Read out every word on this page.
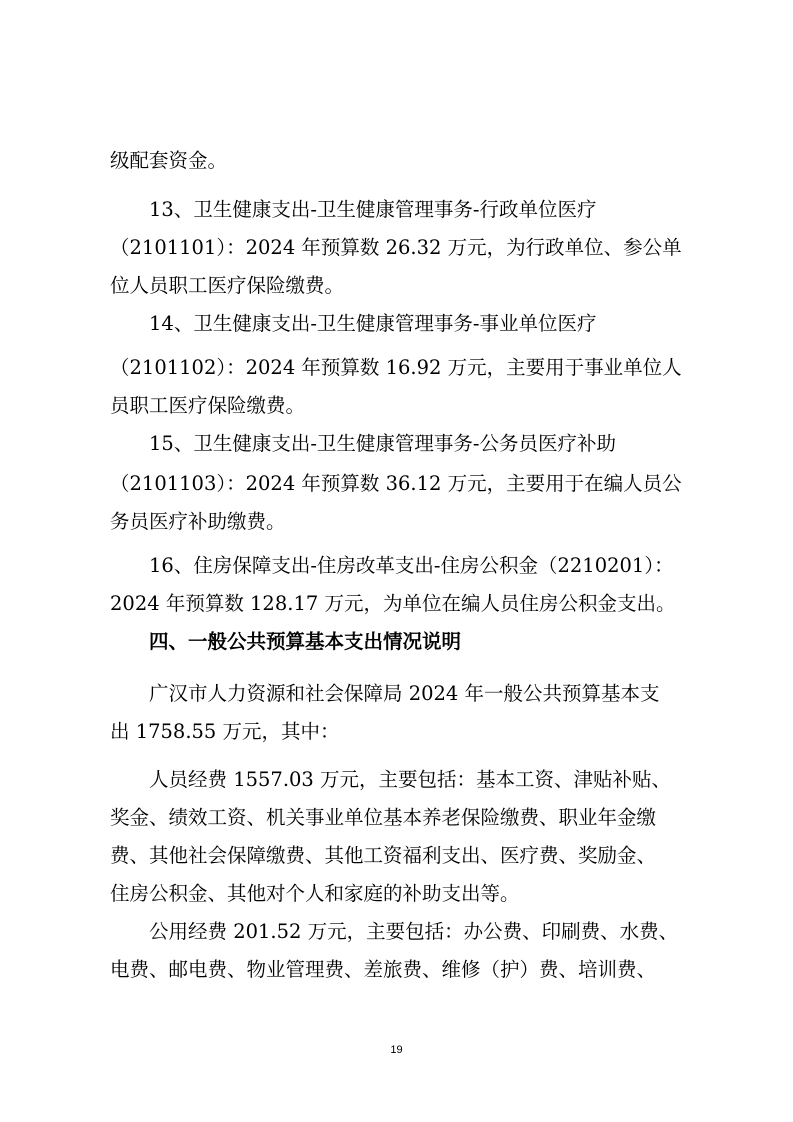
级配套资金。
13、卫生健康支出-卫生健康管理事务-行政单位医疗
（2101101）：2024 年预算数 26.32 万元，为行政单位、参公单
位人员职工医疗保险缴费。
14、卫生健康支出-卫生健康管理事务-事业单位医疗
（2101102）：2024 年预算数 16.92 万元，主要用于事业单位人
员职工医疗保险缴费。
15、卫生健康支出-卫生健康管理事务-公务员医疗补助
（2101103）：2024 年预算数 36.12 万元，主要用于在编人员公
务员医疗补助缴费。
16、住房保障支出-住房改革支出-住房公积金（2210201）：
2024 年预算数 128.17 万元，为单位在编人员住房公积金支出。
四、一般公共预算基本支出情况说明
广汉市人力资源和社会保障局 2024 年一般公共预算基本支
出 1758.55 万元，其中：
人员经费 1557.03 万元，主要包括：基本工资、津贴补贴、
奖金、绩效工资、机关事业单位基本养老保险缴费、职业年金缴
费、其他社会保障缴费、其他工资福利支出、医疗费、奖励金、
住房公积金、其他对个人和家庭的补助支出等。
公用经费 201.52 万元，主要包括：办公费、印刷费、水费、
电费、邮电费、物业管理费、差旅费、维修（护）费、培训费、
19
